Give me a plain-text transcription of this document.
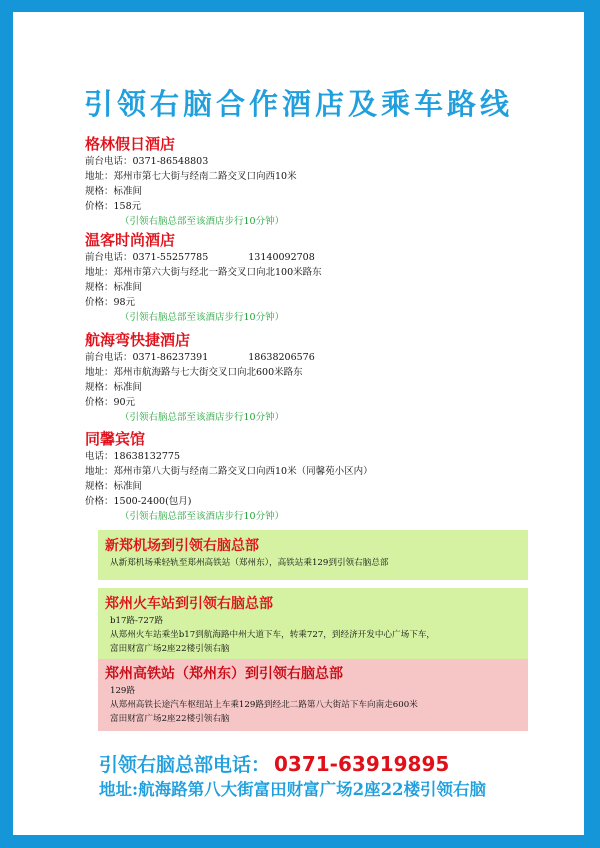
引领右脑合作酒店及乘车路线
格林假日酒店
前台电话：0371-86548803
地址：郑州市第七大街与经南二路交叉口向西10米
规格：标准间
价格：158元
（引领右脑总部至该酒店步行10分钟）
温客时尚酒店
前台电话：0371-55257785	13140092708
地址：郑州市第六大街与经北一路交叉口向北100米路东
规格：标准间
价格：98元
（引领右脑总部至该酒店步行10分钟）
航海弯快捷酒店
前台电话：0371-86237391	18638206576
地址：郑州市航海路与七大街交叉口向北600米路东
规格：标准间
价格：90元
（引领右脑总部至该酒店步行10分钟）
同馨宾馆
电话：18638132775
地址：郑州市第八大街与经南二路交叉口向西10米（同馨苑小区内）
规格：标准间
价格：1500-2400(包月)
（引领右脑总部至该酒店步行10分钟）
新郑机场到引领右脑总部
从新郑机场乘轻轨至郑州高铁站（郑州东），高铁站乘129到引领右脑总部
郑州火车站到引领右脑总部
b17路-727路
从郑州火车站乘坐b17到航海路中州大道下车，转乘727，到经济开发中心广场下车，
富田财富广场2座22楼引领右脑
郑州高铁站（郑州东）到引领右脑总部
129路
从郑州高铁长途汽车枢纽站上车乘129路到经北二路第八大街站下车向南走600米
富田财富广场2座22楼引领右脑
引领右脑总部电话： 0371-63919895
地址:航海路第八大街富田财富广场2座22楼引领右脑
